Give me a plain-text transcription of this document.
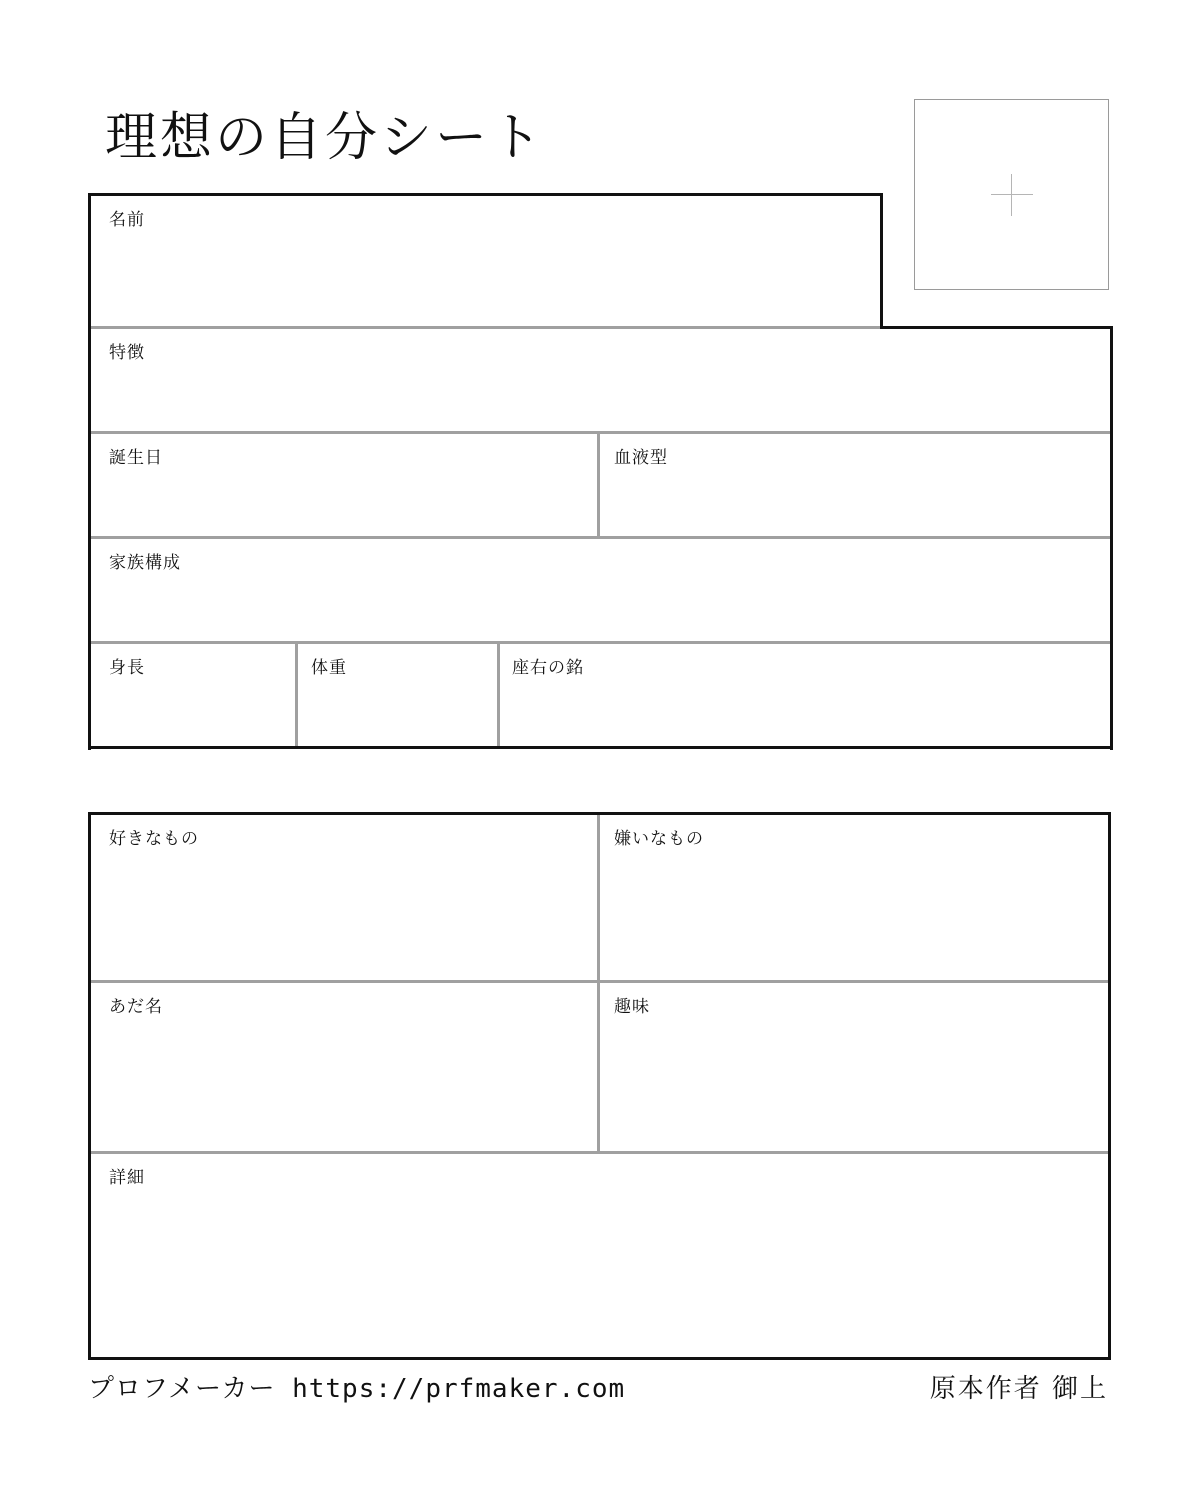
理想の自分シート
名前
特徴
誕生日	血液型
家族構成
身長	体重	座右の銘
好きなもの	嫌いなもの
あだ名	趣味
詳細
プロフメーカー https://prfmaker.com	原本作者 御上
